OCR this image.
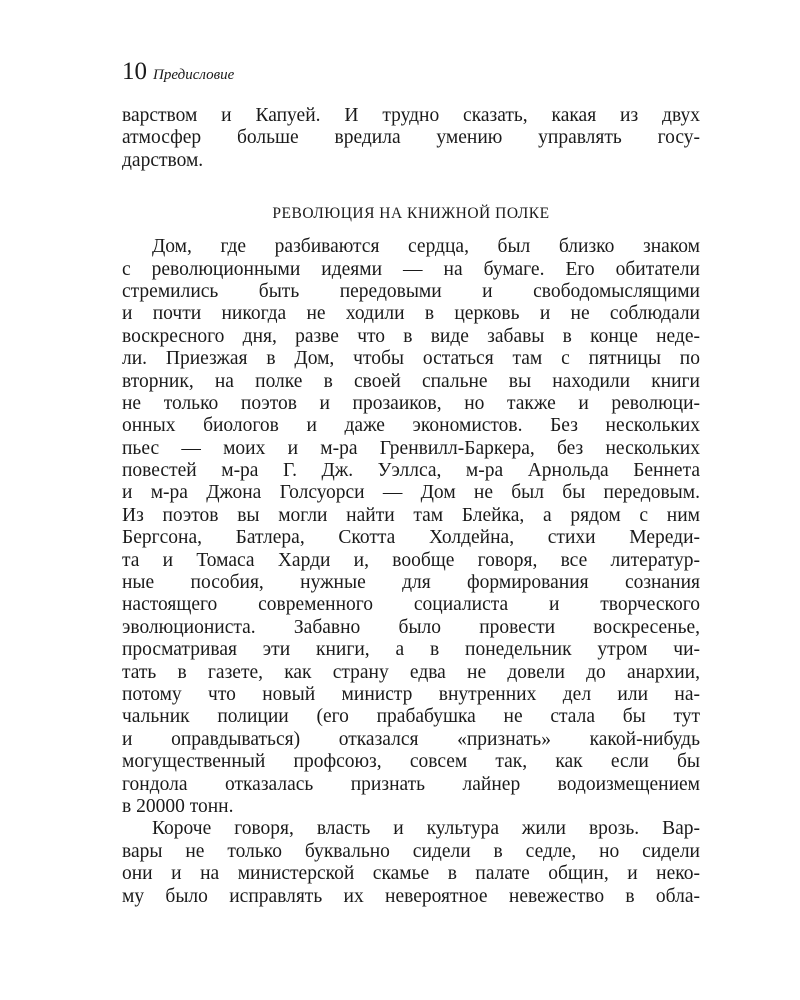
10 Предисловие
варством и Капуей. И трудно сказать, какая из двух
атмосфер больше вредила умению управлять госу-
дарством.
РЕВОЛЮЦИЯ НА КНИЖНОЙ ПОЛКЕ
Дом, где разбиваются сердца, был близко знаком
с революционными идеями — на бумаге. Его обитатели
стремились быть передовыми и свободомыслящими
и почти никогда не ходили в церковь и не соблюдали
воскресного дня, разве что в виде забавы в конце неде-
ли. Приезжая в Дом, чтобы остаться там с пятницы по
вторник, на полке в своей спальне вы находили книги
не только поэтов и прозаиков, но также и революци-
онных биологов и даже экономистов. Без нескольких
пьес — моих и м-ра Гренвилл-Баркера, без нескольких
повестей м-ра Г. Дж. Уэллса, м-ра Арнольда Беннета
и м-ра Джона Голсуорси — Дом не был бы передовым.
Из поэтов вы могли найти там Блейка, а рядом с ним
Бергсона, Батлера, Скотта Холдейна, стихи Мереди-
та и Томаса Харди и, вообще говоря, все литератур-
ные пособия, нужные для формирования сознания
настоящего современного социалиста и творческого
эволюциониста. Забавно было провести воскресенье,
просматривая эти книги, а в понедельник утром чи-
тать в газете, как страну едва не довели до анархии,
потому что новый министр внутренних дел или на-
чальник полиции (его прабабушка не стала бы тут
и оправдываться) отказался «признать» какой-нибудь
могущественный профсоюз, совсем так, как если бы
гондола отказалась признать лайнер водоизмещением
в 20000 тонн.
Короче говоря, власть и культура жили врозь. Вар-
вары не только буквально сидели в седле, но сидели
они и на министерской скамье в палате общин, и неко-
му было исправлять их невероятное невежество в обла-
